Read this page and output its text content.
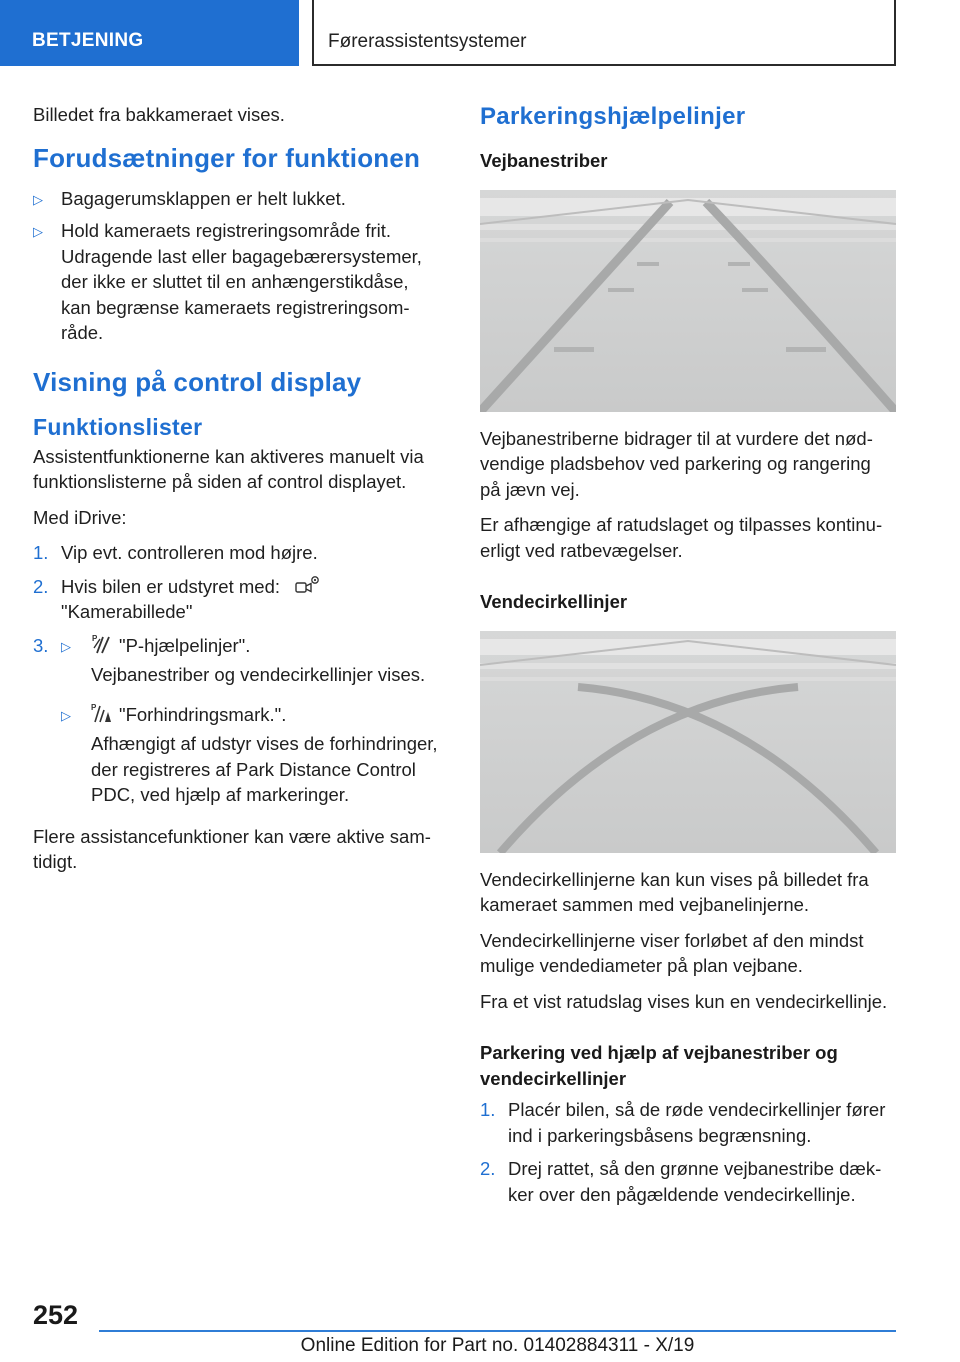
BETJENING	Førerassistentsystemer

Billedet fra bakkameraet vises.

Forudsætninger for funktionen
▷ Bagagerumsklappen er helt lukket.
▷ Hold kameraets registreringsområde frit. Udragende last eller bagagebærersystemer, der ikke er sluttet til en anhængerstikdåse, kan begrænse kameraets registreringsområde.
Visning på control display
Funktionslister

Assistentfunktionerne kan aktiveres manuelt via funktionslisterne på siden af control displayet.

Med iDrive:

1. Vip evt. controlleren mod højre.
2. Hvis bilen er udstyret med:
"Kamerabillede"
3. ▷
P "P-hjælpelinjer".
Vejbanestriber og vendecirkellinjer vises.
▷
P "Forhindringsmark.".
Afhængigt af udstyr vises de forhindringer, der registreres af Park Distance Control PDC, ved hjælp af markeringer.

Flere assistancefunktioner kan være aktive samtidigt.

Parkeringshjælpelinjer
Vejbanestriber

Vejbanestriberne bidrager til at vurdere det nødvendige pladsbehov ved parkering og rangering på jævn vej.

Er afhængige af ratudslaget og tilpasses kontinuerligt ved ratbevægelser.

Vendecirkellinjer

Vendecirkellinjerne kan kun vises på billedet fra kameraet sammen med vejbanelinjerne.

Vendecirkellinjerne viser forløbet af den mindst mulige vendediameter på plan vejbane.

Fra et vist ratudslag vises kun en vendecirkellinje.

Parkering ved hjælp af vejbanestriber og vendecirkellinjer
1. Placér bilen, så de røde vendecirkellinjer fører ind i parkeringsbåsens begrænsning.
2. Drej rattet, så den grønne vejbanestribe dækker over den pågældende vendecirkellinje.
252
Online Edition for Part no. 01402884311 - X/19
